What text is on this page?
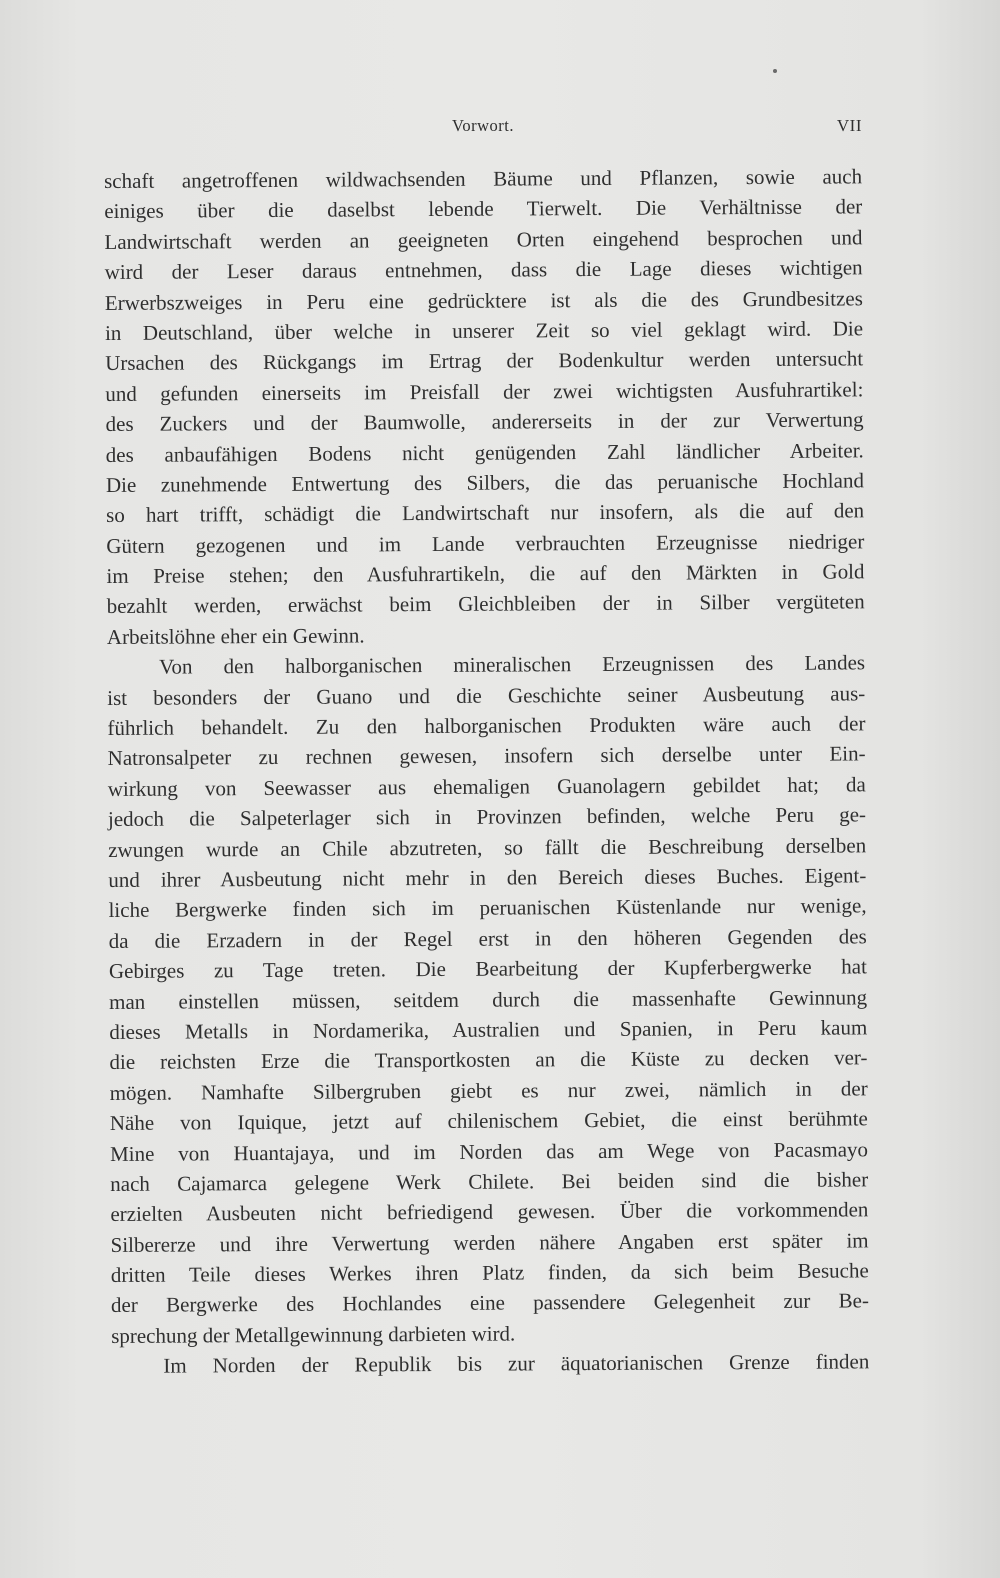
Vorwort.	VII
schaft angetroffenen wildwachsenden Bäume und Pflanzen, sowie auch
einiges über die daselbst lebende Tierwelt. Die Verhältnisse der
Landwirtschaft werden an geeigneten Orten eingehend besprochen und
wird der Leser daraus entnehmen, dass die Lage dieses wichtigen
Erwerbszweiges in Peru eine gedrücktere ist als die des Grundbesitzes
in Deutschland, über welche in unserer Zeit so viel geklagt wird. Die
Ursachen des Rückgangs im Ertrag der Bodenkultur werden untersucht
und gefunden einerseits im Preisfall der zwei wichtigsten Ausfuhrartikel:
des Zuckers und der Baumwolle, andererseits in der zur Verwertung
des anbaufähigen Bodens nicht genügenden Zahl ländlicher Arbeiter.
Die zunehmende Entwertung des Silbers, die das peruanische Hochland
so hart trifft, schädigt die Landwirtschaft nur insofern, als die auf den
Gütern gezogenen und im Lande verbrauchten Erzeugnisse niedriger
im Preise stehen; den Ausfuhrartikeln, die auf den Märkten in Gold
bezahlt werden, erwächst beim Gleichbleiben der in Silber vergüteten
Arbeitslöhne eher ein Gewinn.
Von den halborganischen mineralischen Erzeugnissen des Landes
ist besonders der Guano und die Geschichte seiner Ausbeutung aus-
führlich behandelt. Zu den halborganischen Produkten wäre auch der
Natronsalpeter zu rechnen gewesen, insofern sich derselbe unter Ein-
wirkung von Seewasser aus ehemaligen Guanolagern gebildet hat; da
jedoch die Salpeterlager sich in Provinzen befinden, welche Peru ge-
zwungen wurde an Chile abzutreten, so fällt die Beschreibung derselben
und ihrer Ausbeutung nicht mehr in den Bereich dieses Buches. Eigent-
liche Bergwerke finden sich im peruanischen Küstenlande nur wenige,
da die Erzadern in der Regel erst in den höheren Gegenden des
Gebirges zu Tage treten. Die Bearbeitung der Kupferbergwerke hat
man einstellen müssen, seitdem durch die massenhafte Gewinnung
dieses Metalls in Nordamerika, Australien und Spanien, in Peru kaum
die reichsten Erze die Transportkosten an die Küste zu decken ver-
mögen. Namhafte Silbergruben giebt es nur zwei, nämlich in der
Nähe von Iquique, jetzt auf chilenischem Gebiet, die einst berühmte
Mine von Huantajaya, und im Norden das am Wege von Pacasmayo
nach Cajamarca gelegene Werk Chilete. Bei beiden sind die bisher
erzielten Ausbeuten nicht befriedigend gewesen. Über die vorkommenden
Silbererze und ihre Verwertung werden nähere Angaben erst später im
dritten Teile dieses Werkes ihren Platz finden, da sich beim Besuche
der Bergwerke des Hochlandes eine passendere Gelegenheit zur Be-
sprechung der Metallgewinnung darbieten wird.
Im Norden der Republik bis zur äquatorianischen Grenze finden
